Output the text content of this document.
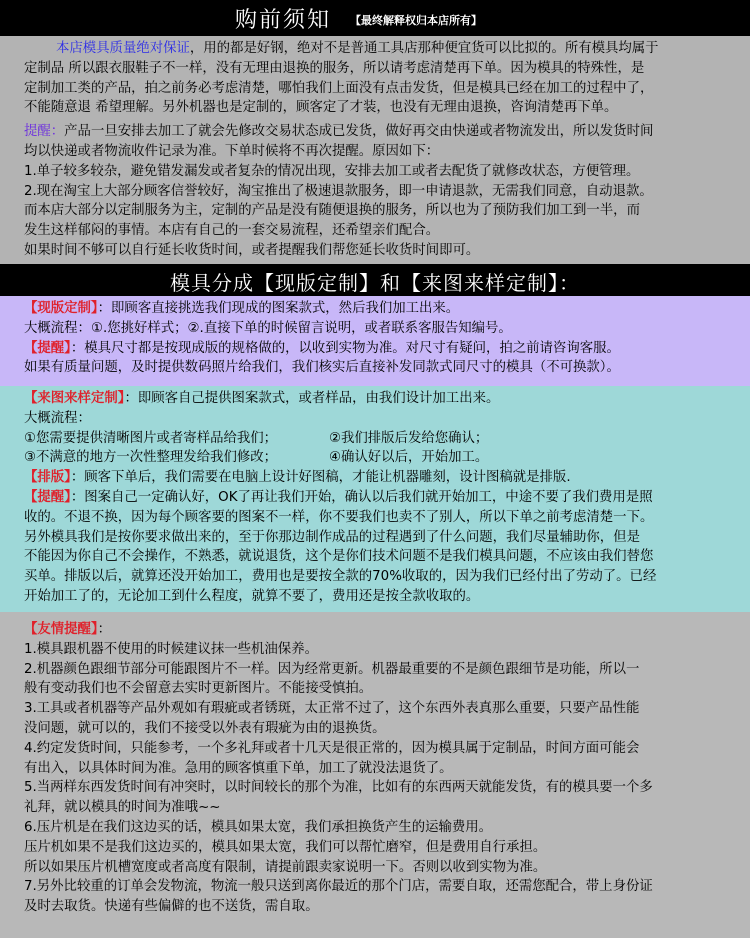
购前须知 【最终解释权归本店所有】
本店模具质量绝对保证，用的都是好钢，绝对不是普通工具店那种便宜货可以比拟的。所有模具均属于
定制品 所以跟衣服鞋子不一样，没有无理由退换的服务，所以请考虑清楚再下单。因为模具的特殊性，是
定制加工类的产品，拍之前务必考虑清楚，哪怕我们上面没有点击发货，但是模具已经在加工的过程中了，
不能随意退 希望理解。另外机器也是定制的，顾客定了才装，也没有无理由退换，咨询清楚再下单。
提醒：产品一旦安排去加工了就会先修改交易状态成已发货，做好再交由快递或者物流发出，所以发货时间
均以快递或者物流收件记录为准。下单时候将不再次提醒。原因如下：
1.单子较多较杂，避免错发漏发或者复杂的情况出现，安排去加工或者去配货了就修改状态，方便管理。
2.现在淘宝上大部分顾客信誉较好，淘宝推出了极速退款服务，即一申请退款，无需我们同意，自动退款。
而本店大部分以定制服务为主，定制的产品是没有随便退换的服务，所以也为了预防我们加工到一半，而
发生这样郁闷的事情。本店有自己的一套交易流程，还希望亲们配合。
如果时间不够可以自行延长收货时间，或者提醒我们帮您延长收货时间即可。
模具分成【现版定制】和【来图来样定制】：
【现版定制】：即顾客直接挑选我们现成的图案款式，然后我们加工出来。
大概流程：①.您挑好样式；②.直接下单的时候留言说明，或者联系客服告知编号。
【提醒】：模具尺寸都是按现成版的规格做的，以收到实物为准。对尺寸有疑问，拍之前请咨询客服。
如果有质量问题，及时提供数码照片给我们，我们核实后直接补发同款式同尺寸的模具（不可换款）。
【来图来样定制】：即顾客自己提供图案款式，或者样品，由我们设计加工出来。
大概流程：
①您需要提供清晰图片或者寄样品给我们；	②我们排版后发给您确认；
③不满意的地方一次性整理发给我们修改；	④确认好以后，开始加工。
【排版】：顾客下单后，我们需要在电脑上设计好图稿，才能让机器雕刻，设计图稿就是排版.
【提醒】：图案自己一定确认好，OK了再让我们开始，确认以后我们就开始加工，中途不要了我们费用是照
收的。不退不换，因为每个顾客要的图案不一样，你不要我们也卖不了别人，所以下单之前考虑清楚一下。
另外模具我们是按你要求做出来的，至于你那边制作成品的过程遇到了什么问题，我们尽量辅助你，但是
不能因为你自己不会操作，不熟悉，就说退货，这个是你们技术问题不是我们模具问题，不应该由我们替您
买单。排版以后，就算还没开始加工，费用也是要按全款的70%收取的，因为我们已经付出了劳动了。已经
开始加工了的，无论加工到什么程度，就算不要了，费用还是按全款收取的。
【友情提醒】：
1.模具跟机器不使用的时候建议抹一些机油保养。
2.机器颜色跟细节部分可能跟图片不一样。因为经常更新。机器最重要的不是颜色跟细节是功能，所以一
般有变动我们也不会留意去实时更新图片。不能接受慎拍。
3.工具或者机器等产品外观如有瑕疵或者锈斑，太正常不过了，这个东西外表真那么重要，只要产品性能
没问题，就可以的，我们不接受以外表有瑕疵为由的退换货。
4.约定发货时间，只能参考，一个多礼拜或者十几天是很正常的，因为模具属于定制品，时间方面可能会
有出入，以具体时间为准。急用的顾客慎重下单，加工了就没法退货了。
5.当两样东西发货时间有冲突时，以时间较长的那个为准，比如有的东西两天就能发货，有的模具要一个多
礼拜，就以模具的时间为准哦~~
6.压片机是在我们这边买的话，模具如果太宽，我们承担换货产生的运输费用。
压片机如果不是我们这边买的，模具如果太宽，我们可以帮忙磨窄，但是费用自行承担。
所以如果压片机槽宽度或者高度有限制，请提前跟卖家说明一下。否则以收到实物为准。
7.另外比较重的订单会发物流，物流一般只送到离你最近的那个门店，需要自取，还需您配合，带上身份证
及时去取货。快递有些偏僻的也不送货，需自取。
